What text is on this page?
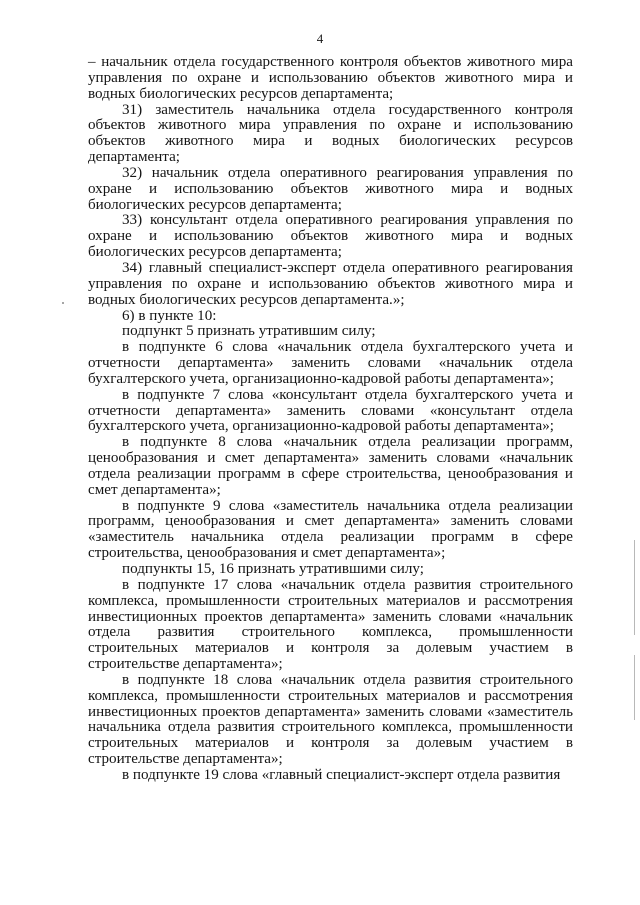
4

– начальник отдела государственного контроля объектов животного мира управления по охране и использованию объектов животного мира и водных биологических ресурсов департамента;

31) заместитель начальника отдела государственного контроля объектов животного мира управления по охране и использованию объектов животного мира и водных биологических ресурсов департамента;

32) начальник отдела оперативного реагирования управления по охране и использованию объектов животного мира и водных биологических ресурсов департамента;

33) консультант отдела оперативного реагирования управления по охране и использованию объектов животного мира и водных биологических ресурсов департамента;

34) главный специалист-эксперт отдела оперативного реагирования управления по охране и использованию объектов животного мира и водных биологических ресурсов департамента.»;

6) в пункте 10:

подпункт 5 признать утратившим силу;

в подпункте 6 слова «начальник отдела бухгалтерского учета и отчетности департамента» заменить словами «начальник отдела бухгалтерского учета, организационно-кадровой работы департамента»;

в подпункте 7 слова «консультант отдела бухгалтерского учета и отчетности департамента» заменить словами «консультант отдела бухгалтерского учета, организационно-кадровой работы департамента»;

в подпункте 8 слова «начальник отдела реализации программ, ценообразования и смет департамента» заменить словами «начальник отдела реализации программ в сфере строительства, ценообразования и смет департамента»;

в подпункте 9 слова «заместитель начальника отдела реализации программ, ценообразования и смет департамента» заменить словами «заместитель начальника отдела реализации программ в сфере строительства, ценообразования и смет департамента»;

подпункты 15, 16 признать утратившими силу;

в подпункте 17 слова «начальник отдела развития строительного комплекса, промышленности строительных материалов и рассмотрения инвестиционных проектов департамента» заменить словами «начальник отдела развития строительного комплекса, промышленности строительных материалов и контроля за долевым участием в строительстве департамента»;

в подпункте 18 слова «начальник отдела развития строительного комплекса, промышленности строительных материалов и рассмотрения инвестиционных проектов департамента» заменить словами «заместитель начальника отдела развития строительного комплекса, промышленности строительных материалов и контроля за долевым участием в строительстве департамента»;

в подпункте 19 слова «главный специалист-эксперт отдела развития
